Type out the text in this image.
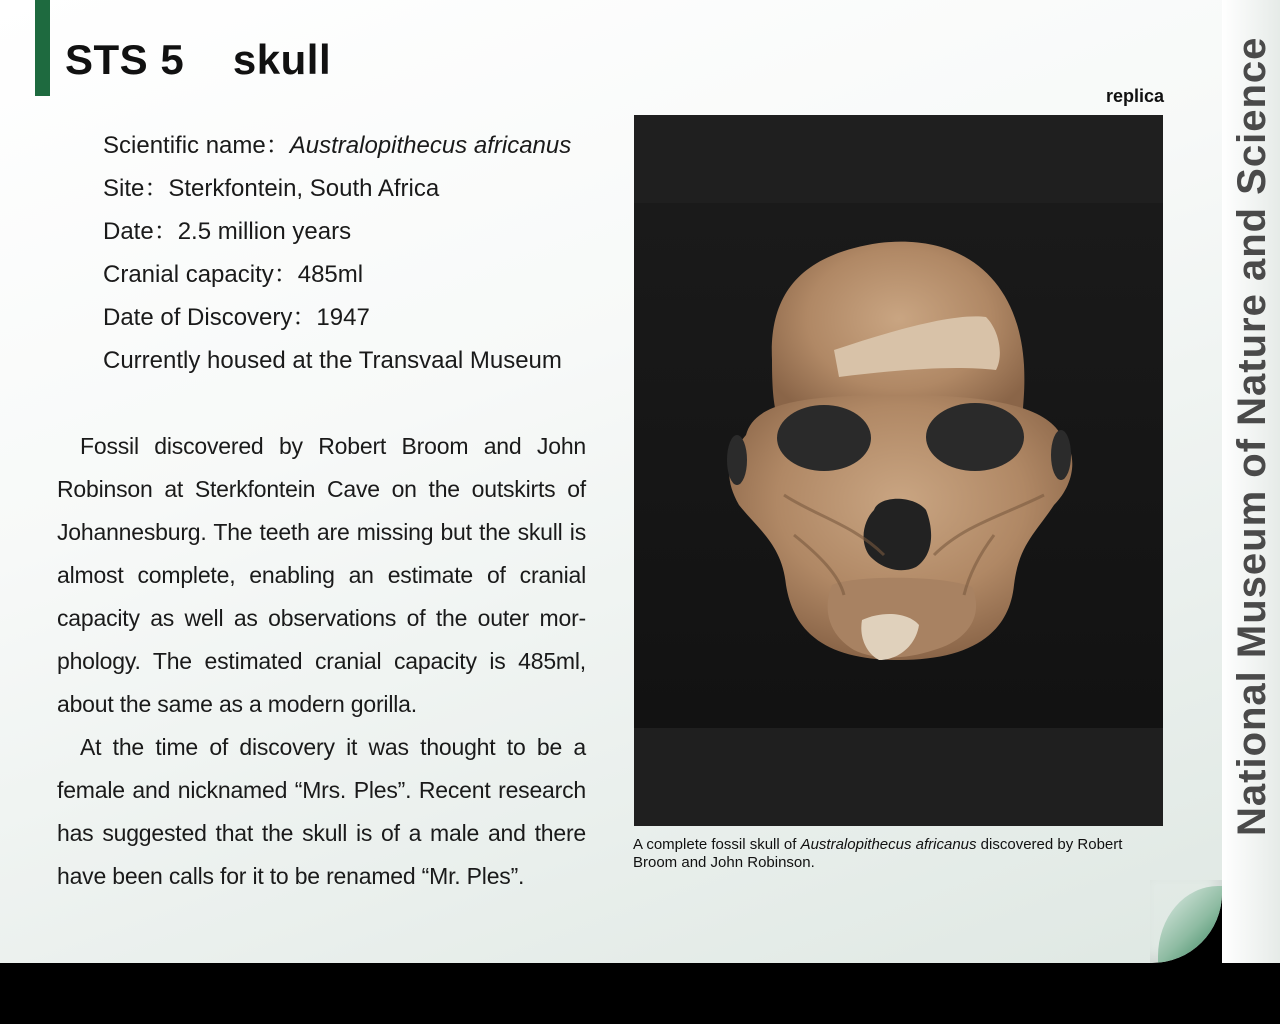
STS 5 skull
Scientific name：Australopithecus africanus
Site：Sterkfontein, South Africa
Date：2.5 million years
Cranial capacity：485ml
Date of Discovery：1947
Currently housed at the Transvaal Museum

Fossil discovered by Robert Broom and John Robinson at Sterkfontein Cave on the outskirts of Johannesburg. The teeth are missing but the skull is almost complete, enabling an estimate of cranial capacity as well as observations of the outer mor-phology. The estimated cranial capacity is 485ml, about the same as a modern gorilla.

At the time of discovery it was thought to be a female and nicknamed “Mrs. Ples”. Recent research has suggested that the skull is of a male and there have been calls for it to be renamed “Mr. Ples”.

replica
A complete fossil skull of Australopithecus africanus discovered by Robert Broom and John Robinson.
National Museum of Nature and Science
